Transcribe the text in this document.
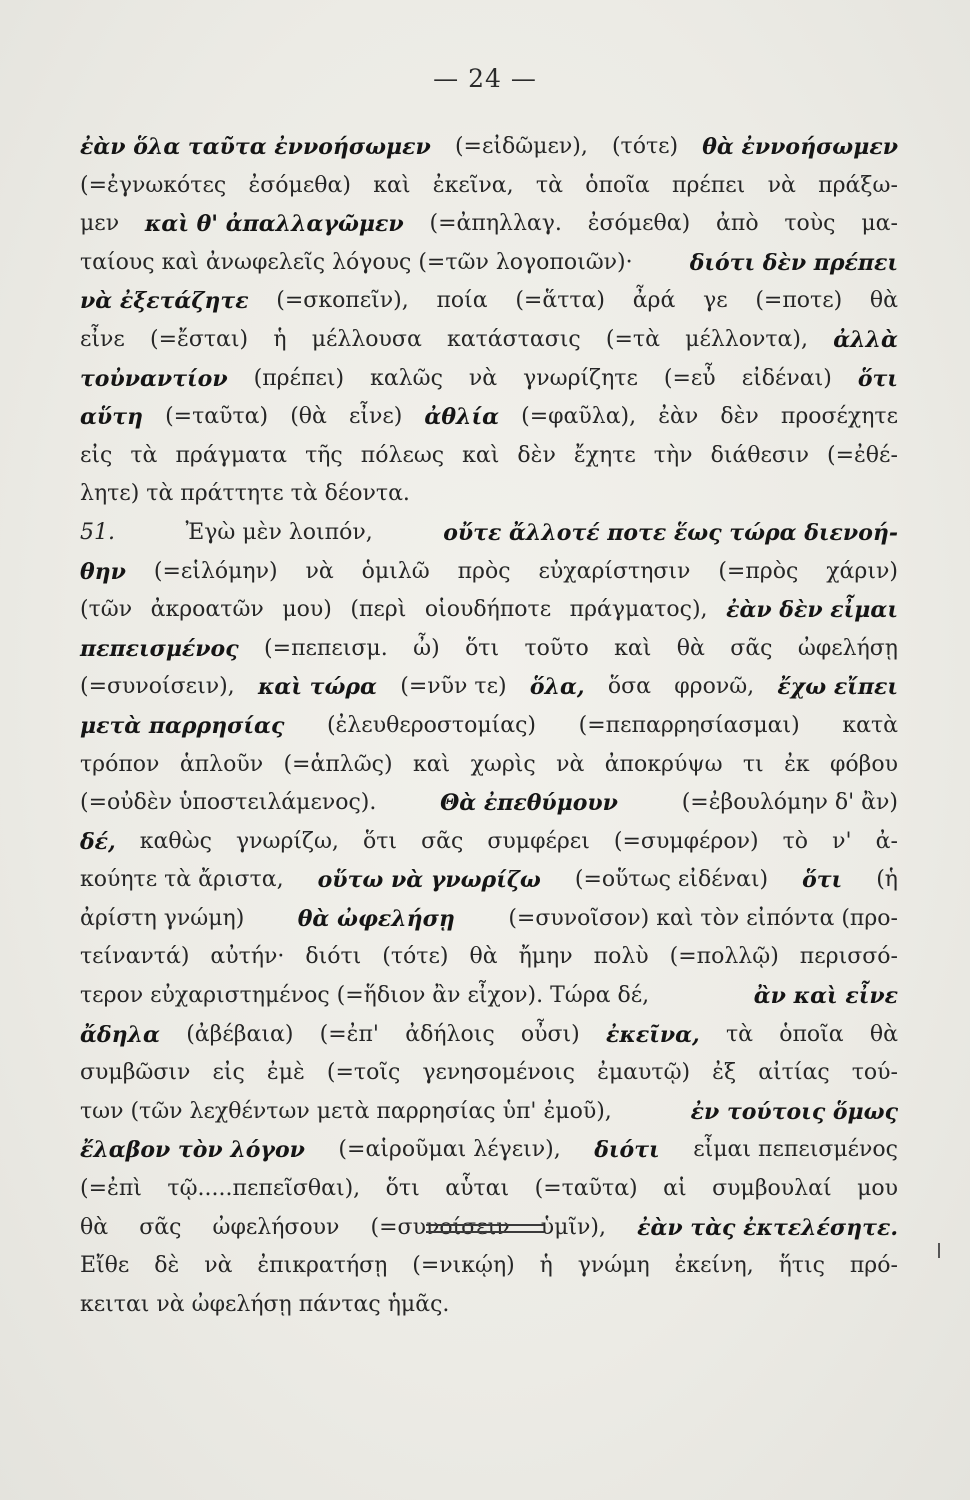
— 24 —
ἐὰν ὅλα ταῦτα ἐννοήσωμεν (=εἰδῶμεν), (τότε) θὰ ἐννοήσωμεν
(=ἐγνωκότες ἐσόμεθα) καὶ ἐκεῖνα, τὰ ὁποῖα πρέπει νὰ πράξω-
μεν καὶ θ' ἀπαλλαγῶμεν (=ἀπηλλαγ. ἐσόμεθα) ἀπὸ τοὺς μα-
ταίους καὶ ἀνωφελεῖς λόγους (=τῶν λογοποιῶν)·	διότι δὲν πρέπει
νὰ ἐξετάζητε (=σκοπεῖν), ποία (=ἅττα) ἆρά γε (=ποτε) θὰ
εἶνε (=ἔσται) ἡ μέλλουσα κατάστασις (=τὰ μέλλοντα), ἀλλὰ
τοὐναντίον (πρέπει) καλῶς νὰ γνωρίζητε (=εὖ εἰδέναι) ὅτι
αὕτη (=ταῦτα) (θὰ εἶνε) ἀθλία (=φαῦλα), ἐὰν δὲν προσέχητε
εἰς τὰ πράγματα τῆς πόλεως καὶ δὲν ἔχητε τὴν διάθεσιν (=ἐθέ-
λητε) τὰ πράττητε τὰ δέοντα.
51.	Ἐγὼ μὲν λοιπόν,	οὔτε ἄλλοτέ ποτε ἕως τώρα διενοή-
θην (=εἱλόμην) νὰ ὁμιλῶ πρὸς εὐχαρίστησιν (=πρὸς χάριν)
(τῶν ἀκροατῶν μου) (περὶ οἱουδήποτε πράγματος), ἐὰν δὲν εἶμαι
πεπεισμένος (=πεπεισμ. ὦ) ὅτι τοῦτο καὶ θὰ σᾶς ὠφελήσῃ
(=συνοίσειν), καὶ τώρα (=νῦν τε) ὅλα, ὅσα φρονῶ, ἔχω εἴπει
μετὰ παρρησίας (ἐλευθεροστομίας) (=πεπαρρησίασμαι) κατὰ
τρόπον ἁπλοῦν (=ἁπλῶς) καὶ χωρὶς νὰ ἀποκρύψω τι ἐκ φόβου
(=οὐδὲν ὑποστειλάμενος).	Θὰ ἐπεθύμουν	(=ἐβουλόμην δ' ἂν)
δέ, καθὼς γνωρίζω, ὅτι σᾶς συμφέρει (=συμφέρον) τὸ ν' ἀ-
κούητε τὰ ἄριστα, οὕτω νὰ γνωρίζω (=οὕτως εἰδέναι) ὅτι (ἡ
ἀρίστη γνώμη) θὰ ὠφελήσῃ (=συνοῖσον) καὶ τὸν εἰπόντα (προ-
τείναντά) αὐτήν· διότι (τότε) θὰ ἤμην πολὺ (=πολλῷ) περισσό-
τερον εὐχαριστημένος (=ἥδιον ἂν εἶχον). Τώρα δέ,	ἂν καὶ εἶνε
ἄδηλα (ἀβέβαια) (=ἐπ' ἀδήλοις οὖσι) ἐκεῖνα, τὰ ὁποῖα θὰ
συμβῶσιν εἰς ἐμὲ (=τοῖς γενησομένοις ἐμαυτῷ) ἐξ αἰτίας τού-
των (τῶν λεχθέντων μετὰ παρρησίας ὑπ' ἐμοῦ),	ἐν τούτοις ὅμως
ἔλαβον τὸν λόγον (=αἱροῦμαι λέγειν), διότι εἶμαι πεπεισμένος
(=ἐπὶ τῷ.....πεπεῖσθαι), ὅτι αὗται (=ταῦτα) αἱ συμβουλαί μου
θὰ σᾶς ὠφελήσουν (=συνοίσειν ὑμῖν), ἐὰν τὰς ἐκτελέσητε.
Εἴθε δὲ νὰ ἐπικρατήσῃ (=νικῴη) ἡ γνώμη ἐκείνη, ἥτις πρό-
κειται νὰ ὠφελήσῃ πάντας ἡμᾶς.
